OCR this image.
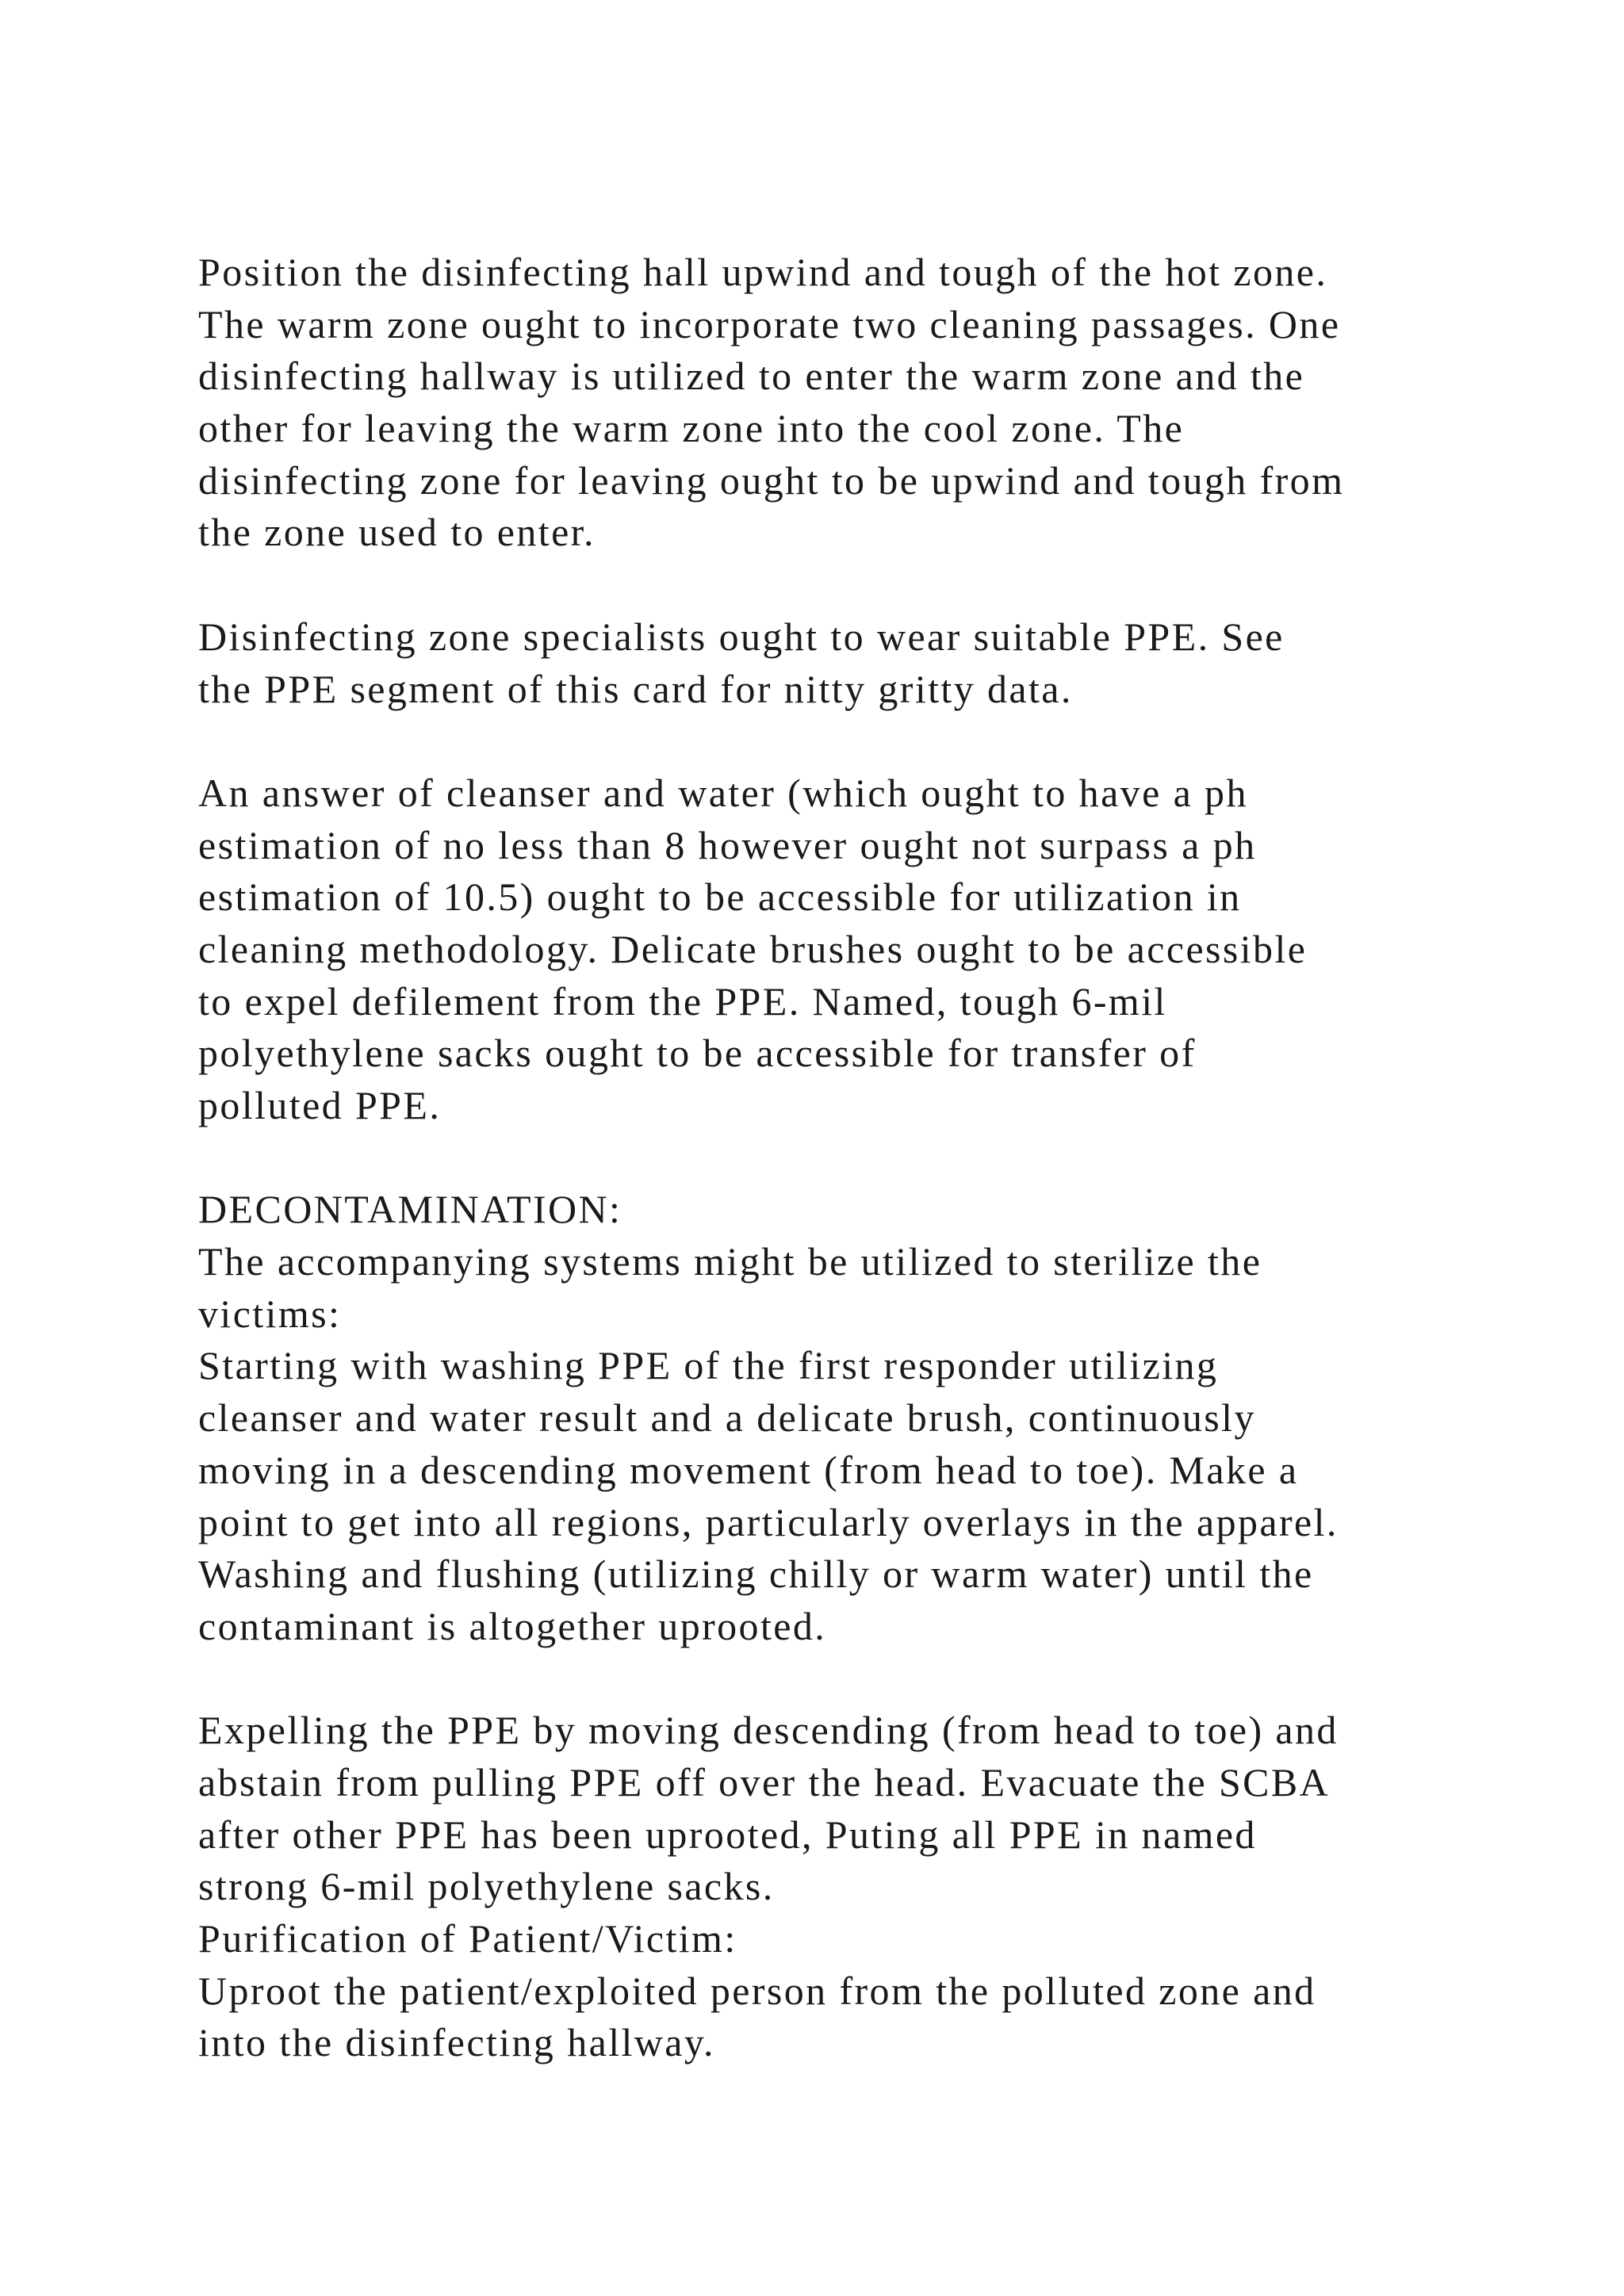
Position the disinfecting hall upwind and tough of the hot zone.
The warm zone ought to incorporate two cleaning passages. One
disinfecting hallway is utilized to enter the warm zone and the
other for leaving the warm zone into the cool zone. The
disinfecting zone for leaving ought to be upwind and tough from
the zone used to enter.
Disinfecting zone specialists ought to wear suitable PPE. See
the PPE segment of this card for nitty gritty data.
An answer of cleanser and water (which ought to have a ph
estimation of no less than 8 however ought not surpass a ph
estimation of 10.5) ought to be accessible for utilization in
cleaning methodology. Delicate brushes ought to be accessible
to expel defilement from the PPE. Named, tough 6-mil
polyethylene sacks ought to be accessible for transfer of
polluted PPE.
DECONTAMINATION:
The accompanying systems might be utilized to sterilize the
victims:
Starting with washing PPE of the first responder utilizing
cleanser and water result and a delicate brush, continuously
moving in a descending movement (from head to toe). Make a
point to get into all regions, particularly overlays in the apparel.
Washing and flushing (utilizing chilly or warm water) until the
contaminant is altogether uprooted.
Expelling the PPE by moving descending (from head to toe) and
abstain from pulling PPE off over the head. Evacuate the SCBA
after other PPE has been uprooted, Puting all PPE in named
strong 6-mil polyethylene sacks.
Purification of Patient/Victim:
Uproot the patient/exploited person from the polluted zone and
into the disinfecting hallway.
